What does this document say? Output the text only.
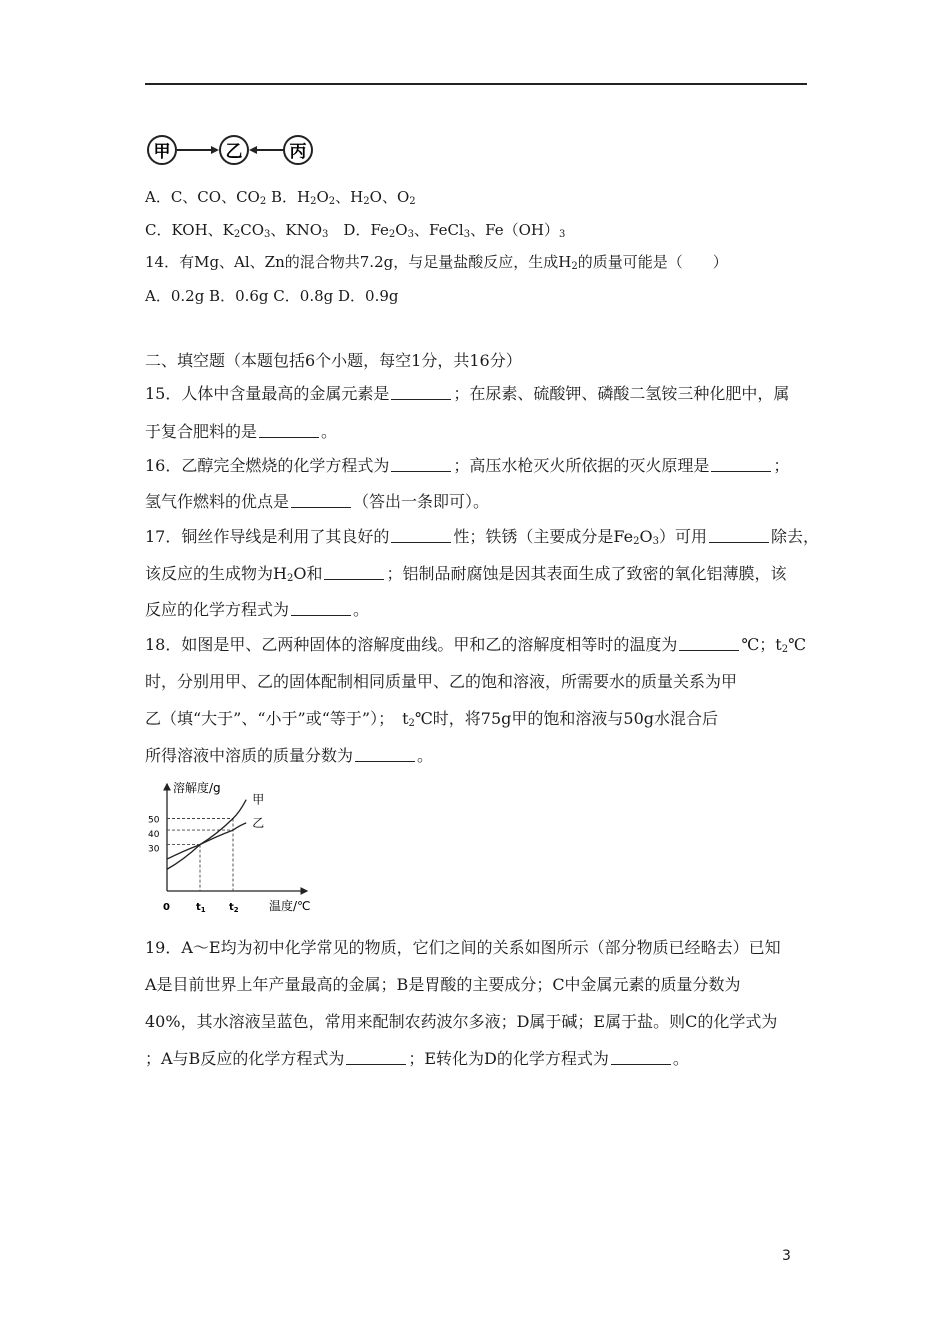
甲	乙	丙
A．C、CO、$CO_2$ B．$H_2O_2$、$H_2O$、$O_2$
C．KOH、$K_2CO_3$、$KNO_3$　D．$Fe_2O_3$、FeCl$_3$、$Fe(OH)_3$
14．有Mg、Al、Zn的混合物共7.2g，与足量盐酸反应，生成$H_2$的质量可能是（　　）
A．0.2g B．0.6g C．0.8g D．0.9g
二、填空题（本题包括6个小题，每空1分，共16分）
15．人体中含量最高的金属元素是	；在尿素、硫酸钾、磷酸二氢铵三种化肥中，属
于复合肥料的是	。
16．乙醇完全燃烧的化学方程式为	；高压水枪灭火所依据的灭火原理是	；
氢气作燃料的优点是	（答出一条即可）。
17．铜丝作导线是利用了其良好的	性；铁锈（主要成分是$Fe_2O_3$）可用	除去，
该反应的生成物为$H_2O$和	；铝制品耐腐蚀是因其表面生成了致密的氧化铝薄膜，该
反应的化学方程式为	。
18．如图是甲、乙两种固体的溶解度曲线。甲和乙的溶解度相等时的温度为	℃；$t_2℃$
时，分别用甲、乙的固体配制相同质量甲、乙的饱和溶液，所需要水的质量关系为甲
乙（填“大于”、“小于”或“等于”）；　$t_2℃$时，将75g甲的饱和溶液与50g水混合后
所得溶液中溶质的质量分数为	。
溶解度/g
温度/℃
0
30
40
50
$t_1$ $t_2$
甲
乙
19．A～E均为初中化学常见的物质，它们之间的关系如图所示（部分物质已经略去）已知
A是目前世界上年产量最高的金属；B是胃酸的主要成分；C中金属元素的质量分数为
40%，其水溶液呈蓝色，常用来配制农药波尔多液；D属于碱；E属于盐。则C的化学式为
；A与B反应的化学方程式为	；E转化为D的化学方程式为	。
3
